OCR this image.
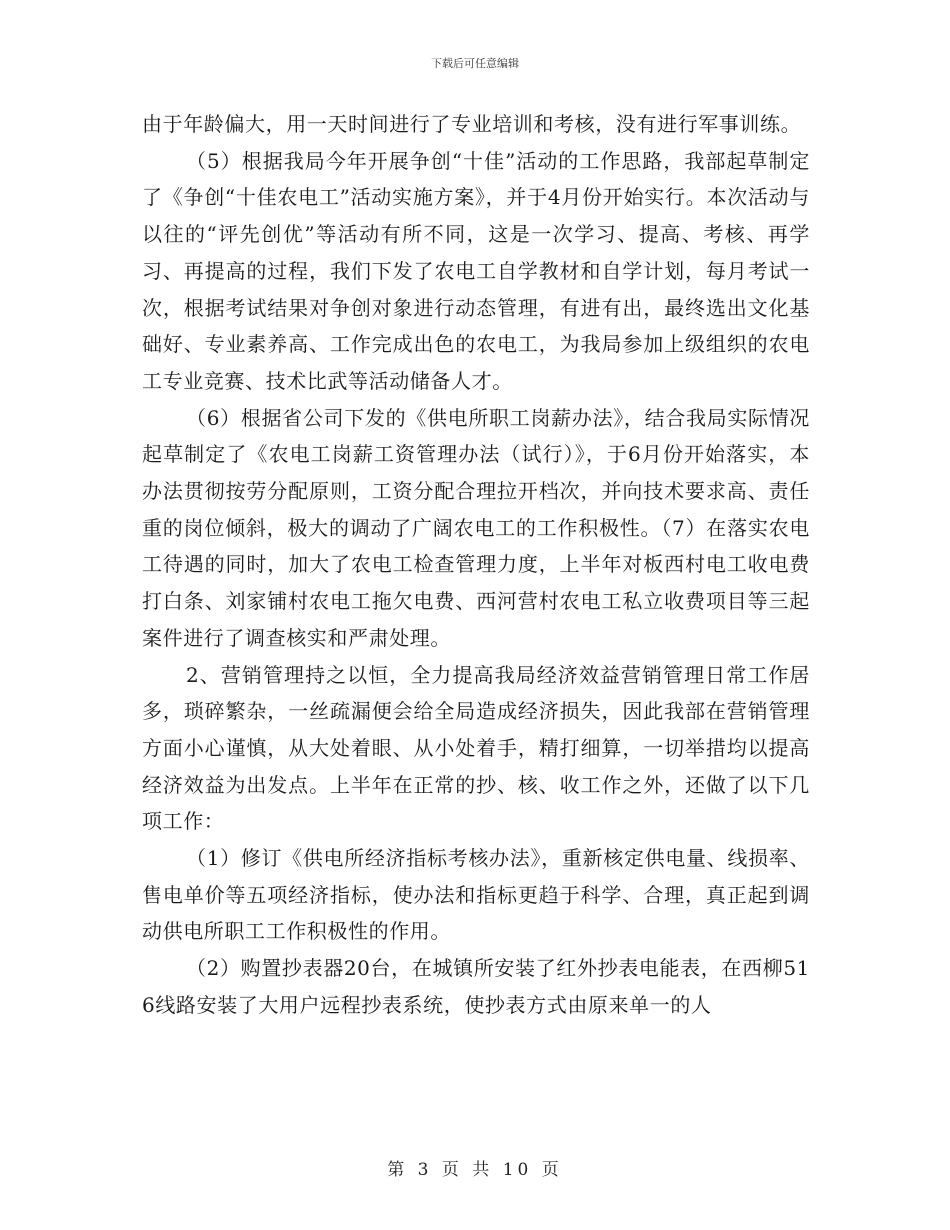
下载后可任意编辑

由于年龄偏大，用一天时间进行了专业培训和考核，没有进行军事训练。

（5）根据我局今年开展争创“十佳”活动的工作思路，我部起草制定了《争创“十佳农电工”活动实施方案》，并于4月份开始实行。本次活动与以往的“评先创优”等活动有所不同，这是一次学习、提高、考核、再学习、再提高的过程，我们下发了农电工自学教材和自学计划，每月考试一次，根据考试结果对争创对象进行动态管理，有进有出，最终选出文化基础好、专业素养高、工作完成出色的农电工，为我局参加上级组织的农电工专业竞赛、技术比武等活动储备人才。

（6）根据省公司下发的《供电所职工岗薪办法》，结合我局实际情况起草制定了《农电工岗薪工资管理办法（试行）》，于6月份开始落实，本办法贯彻按劳分配原则，工资分配合理拉开档次，并向技术要求高、责任重的岗位倾斜，极大的调动了广阔农电工的工作积极性。（7）在落实农电工待遇的同时，加大了农电工检查管理力度，上半年对板西村电工收电费打白条、刘家铺村农电工拖欠电费、西河营村农电工私立收费项目等三起案件进行了调查核实和严肃处理。

2、营销管理持之以恒，全力提高我局经济效益营销管理日常工作居多，琐碎繁杂，一丝疏漏便会给全局造成经济损失，因此我部在营销管理方面小心谨慎，从大处着眼、从小处着手，精打细算，一切举措均以提高经济效益为出发点。上半年在正常的抄、核、收工作之外，还做了以下几项工作：

（1）修订《供电所经济指标考核办法》，重新核定供电量、线损率、售电单价等五项经济指标，使办法和指标更趋于科学、合理，真正起到调动供电所职工工作积极性的作用。

（2）购置抄表器20台，在城镇所安装了红外抄表电能表，在西柳516线路安装了大用户远程抄表系统，使抄表方式由原来单一的人

第 3 页 共 10 页
